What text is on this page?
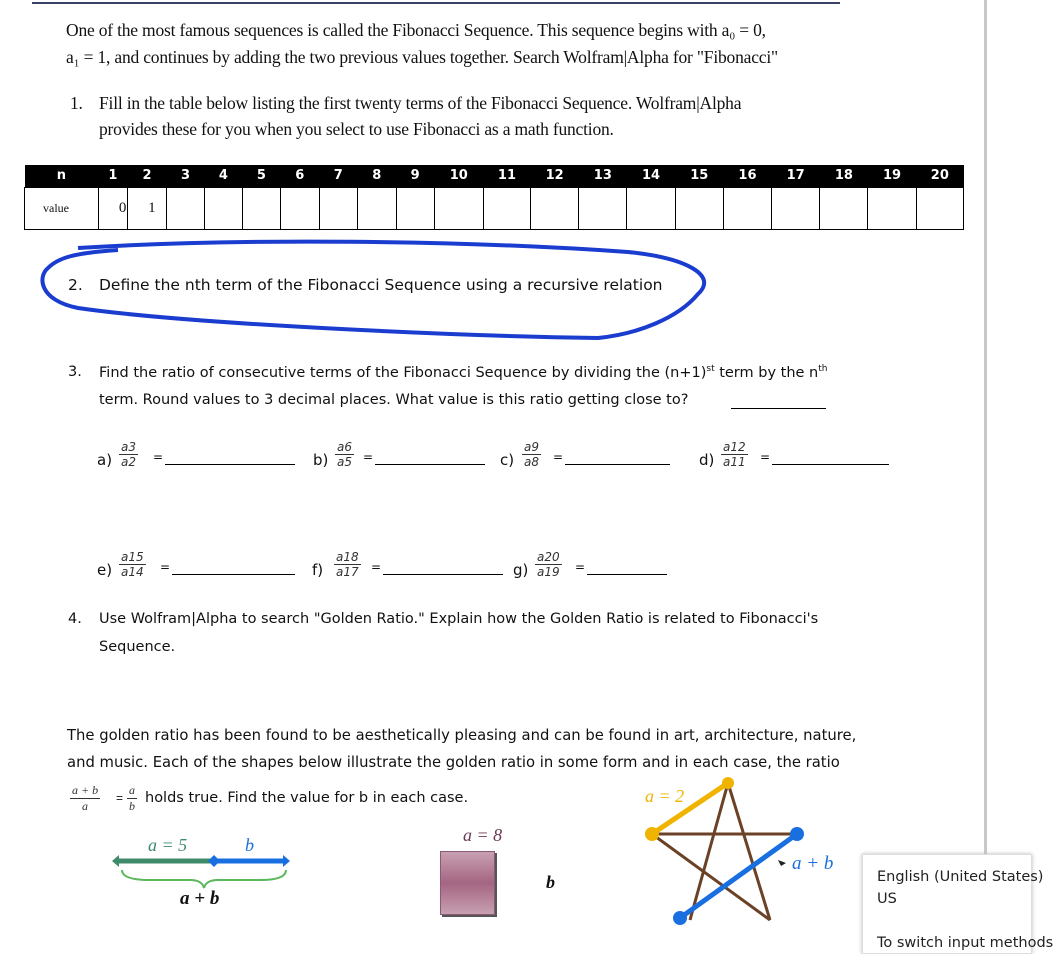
One of the most famous sequences is called the Fibonacci Sequence. This sequence begins with a₀ = 0,
a₁ = 1, and continues by adding the two previous values together. Search Wolfram|Alpha for "Fibonacci"
1. Fill in the table below listing the first twenty terms of the Fibonacci Sequence. Wolfram|Alpha
provides these for you when you select to use Fibonacci as a math function.
n	1	2	3	4	5	6	7	8	9	10	11	12	13	14	15	16	17	18	19	20
value	0	1																		
2. Define the nth term of the Fibonacci Sequence using a recursive relation
3. Find the ratio of consecutive terms of the Fibonacci Sequence by dividing the $(n+1)^{st}$ term by the $n^{th}$
term. Round values to 3 decimal places. What value is this ratio getting close to?
$a) \frac{a3}{a2}$ =	$b) \frac{a6}{a5}$ =	$c) \frac{a9}{a8}$ =	$d) \frac{a12}{a11}$ =
$e) \frac{a15}{a14}$ =	$f) \frac{a18}{a17}$ =	$g) \frac{a20}{a19}$ =
4. Use Wolfram|Alpha to search "Golden Ratio." Explain how the Golden Ratio is related to Fibonacci's
Sequence.
The golden ratio has been found to be aesthetically pleasing and can be found in art, architecture, nature,
and music. Each of the shapes below illustrate the golden ratio in some form and in each case, the ratio
$\frac{a + b}{a} = \frac{a}{b}$ holds true. Find the value for b in each case.
a = 5	b
a + b
a = 8
b
a = 2
a + b
English (United States)
US
To switch input methods
